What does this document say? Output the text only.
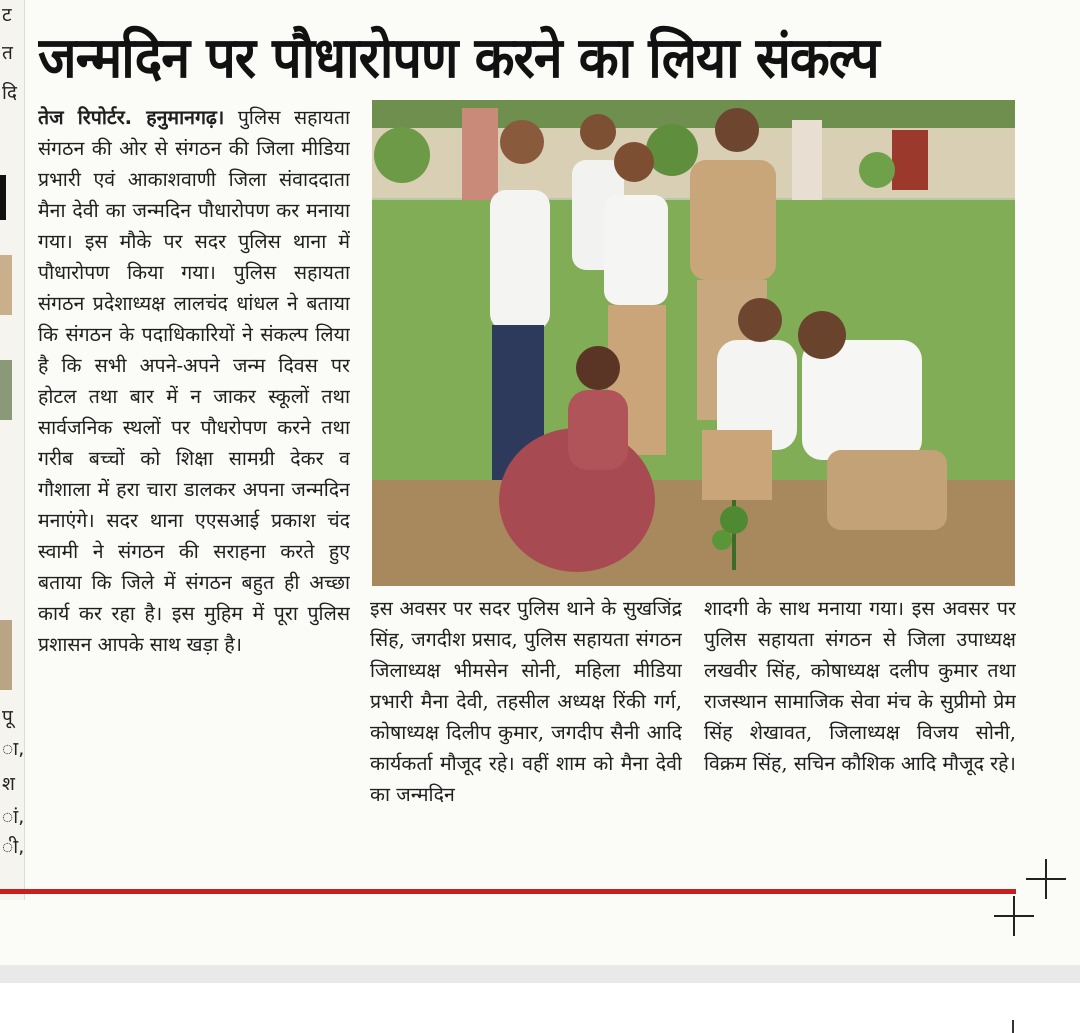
ट
त
दि
पू
ा,
श
ां,
ी,
जन्मदिन पर पौधारोपण करने का लिया संकल्प
तेज रिपोर्टर. हनुमानगढ़। पुलिस सहायता संगठन की ओर से संगठन की जिला मीडिया प्रभारी एवं आकाशवाणी जिला संवाददाता मैना देवी का जन्मदिन पौधारोपण कर मनाया गया। इस मौके पर सदर पुलिस थाना में पौधारोपण किया गया। पुलिस सहायता संगठन प्रदेशाध्यक्ष लालचंद धांधल ने बताया कि संगठन के पदाधिकारियों ने संकल्प लिया है कि सभी अपने-अपने जन्म दिवस पर होटल तथा बार में न जाकर स्कूलों तथा सार्वजनिक स्थलों पर पौधरोपण करने तथा गरीब बच्चों को शिक्षा सामग्री देकर व गौशाला में हरा चारा डालकर अपना जन्मदिन मनाएंगे। सदर थाना एएसआई प्रकाश चंद स्वामी ने संगठन की सराहना करते हुए बताया कि जिले में संगठन बहुत ही अच्छा कार्य कर रहा है। इस मुहिम में पूरा पुलिस प्रशासन आपके साथ खड़ा है।
इस अवसर पर सदर पुलिस थाने के सुखजिंद्र सिंह, जगदीश प्रसाद, पुलिस सहायता संगठन जिलाध्यक्ष भीमसेन सोनी, महिला मीडिया प्रभारी मैना देवी, तहसील अध्यक्ष रिंकी गर्ग, कोषाध्यक्ष दिलीप कुमार, जगदीप सैनी आदि कार्यकर्ता मौजूद रहे। वहीं शाम को मैना देवी का जन्मदिन
शादगी के साथ मनाया गया। इस अवसर पर पुलिस सहायता संगठन से जिला उपाध्यक्ष लखवीर सिंह, कोषाध्यक्ष दलीप कुमार तथा राजस्थान सामाजिक सेवा मंच के सुप्रीमो प्रेम सिंह शेखावत, जिलाध्यक्ष विजय सोनी, विक्रम सिंह, सचिन कौशिक आदि मौजूद रहे।
